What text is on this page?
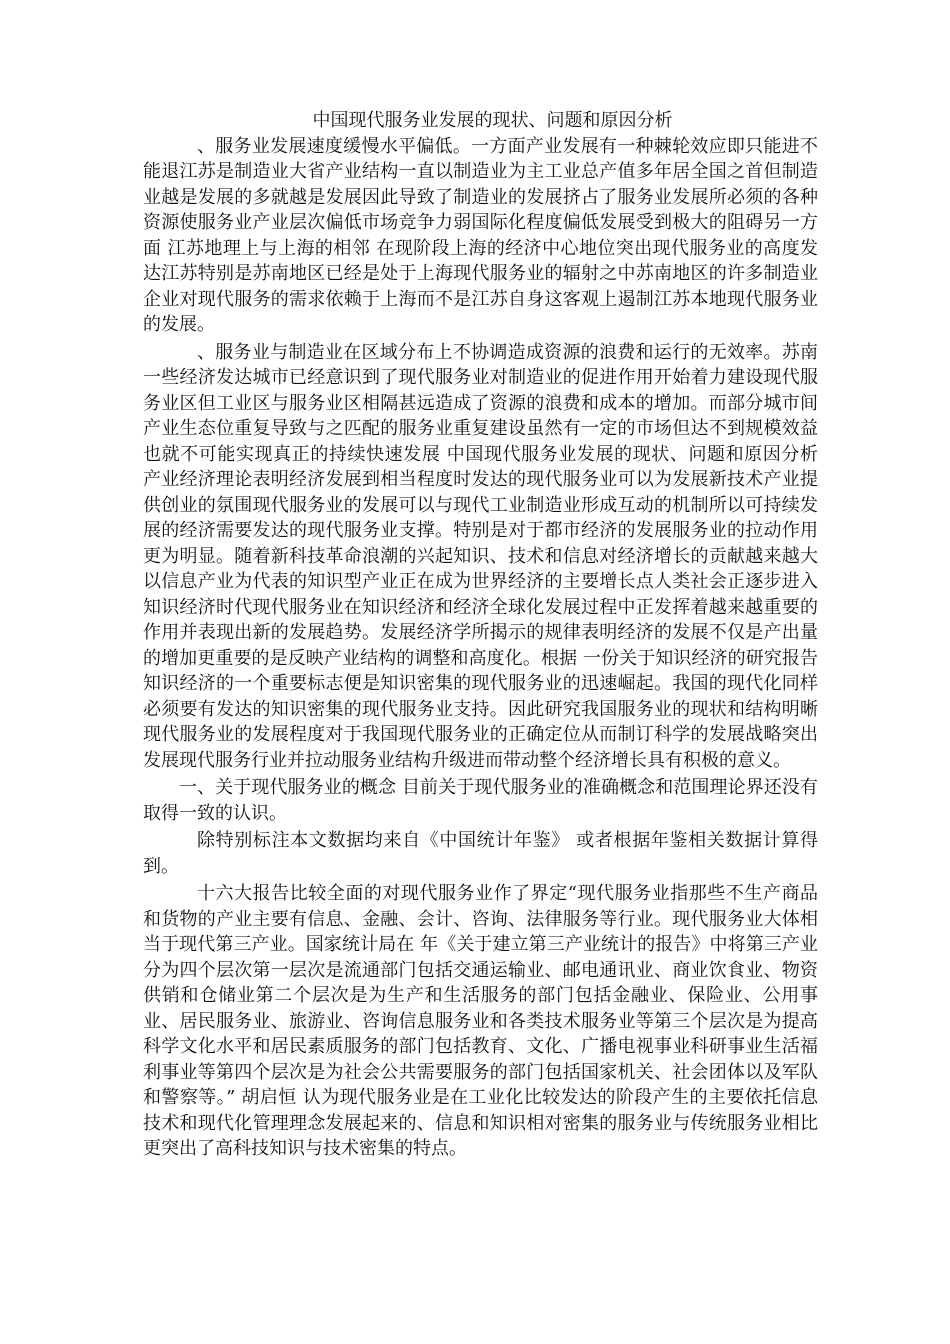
中国现代服务业发展的现状、问题和原因分析

、服务业发展速度缓慢水平偏低。一方面产业发展有一种棘轮效应即只能进不能退江苏是制造业大省产业结构一直以制造业为主工业总产值多年居全国之首但制造业越是发展的多就越是发展因此导致了制造业的发展挤占了服务业发展所必须的各种资源使服务业产业层次偏低市场竞争力弱国际化程度偏低发展受到极大的阻碍另一方面 江苏地理上与上海的相邻 在现阶段上海的经济中心地位突出现代服务业的高度发达江苏特别是苏南地区已经是处于上海现代服务业的辐射之中苏南地区的许多制造业企业对现代服务的需求依赖于上海而不是江苏自身这客观上遏制江苏本地现代服务业的发展。

、服务业与制造业在区域分布上不协调造成资源的浪费和运行的无效率。苏南一些经济发达城市已经意识到了现代服务业对制造业的促进作用开始着力建设现代服务业区但工业区与服务业区相隔甚远造成了资源的浪费和成本的增加。而部分城市间产业生态位重复导致与之匹配的服务业重复建设虽然有一定的市场但达不到规模效益也就不可能实现真正的持续快速发展 中国现代服务业发展的现状、问题和原因分析 产业经济理论表明经济发展到相当程度时发达的现代服务业可以为发展新技术产业提供创业的氛围现代服务业的发展可以与现代工业制造业形成互动的机制所以可持续发展的经济需要发达的现代服务业支撑。特别是对于都市经济的发展服务业的拉动作用更为明显。随着新科技革命浪潮的兴起知识、技术和信息对经济增长的贡献越来越大以信息产业为代表的知识型产业正在成为世界经济的主要增长点人类社会正逐步进入知识经济时代现代服务业在知识经济和经济全球化发展过程中正发挥着越来越重要的作用并表现出新的发展趋势。发展经济学所揭示的规律表明经济的发展不仅是产出量的增加更重要的是反映产业结构的调整和高度化。根据 一份关于知识经济的研究报告知识经济的一个重要标志便是知识密集的现代服务业的迅速崛起。我国的现代化同样必须要有发达的知识密集的现代服务业支持。因此研究我国服务业的现状和结构明晰现代服务业的发展程度对于我国现代服务业的正确定位从而制订科学的发展战略突出发展现代服务行业并拉动服务业结构升级进而带动整个经济增长具有积极的意义。

一、关于现代服务业的概念 目前关于现代服务业的准确概念和范围理论界还没有取得一致的认识。

除特别标注本文数据均来自《中国统计年鉴》 或者根据年鉴相关数据计算得到。

十六大报告比较全面的对现代服务业作了界定“现代服务业指那些不生产商品和货物的产业主要有信息、金融、会计、咨询、法律服务等行业。现代服务业大体相当于现代第三产业。国家统计局在 年《关于建立第三产业统计的报告》中将第三产业分为四个层次第一层次是流通部门包括交通运输业、邮电通讯业、商业饮食业、物资供销和仓储业第二个层次是为生产和生活服务的部门包括金融业、保险业、公用事业、居民服务业、旅游业、咨询信息服务业和各类技术服务业等第三个层次是为提高科学文化水平和居民素质服务的部门包括教育、文化、广播电视事业科研事业生活福利事业等第四个层次是为社会公共需要服务的部门包括国家机关、社会团体以及军队和警察等。” 胡启恒 认为现代服务业是在工业化比较发达的阶段产生的主要依托信息技术和现代化管理理念发展起来的、信息和知识相对密集的服务业与传统服务业相比更突出了高科技知识与技术密集的特点。
